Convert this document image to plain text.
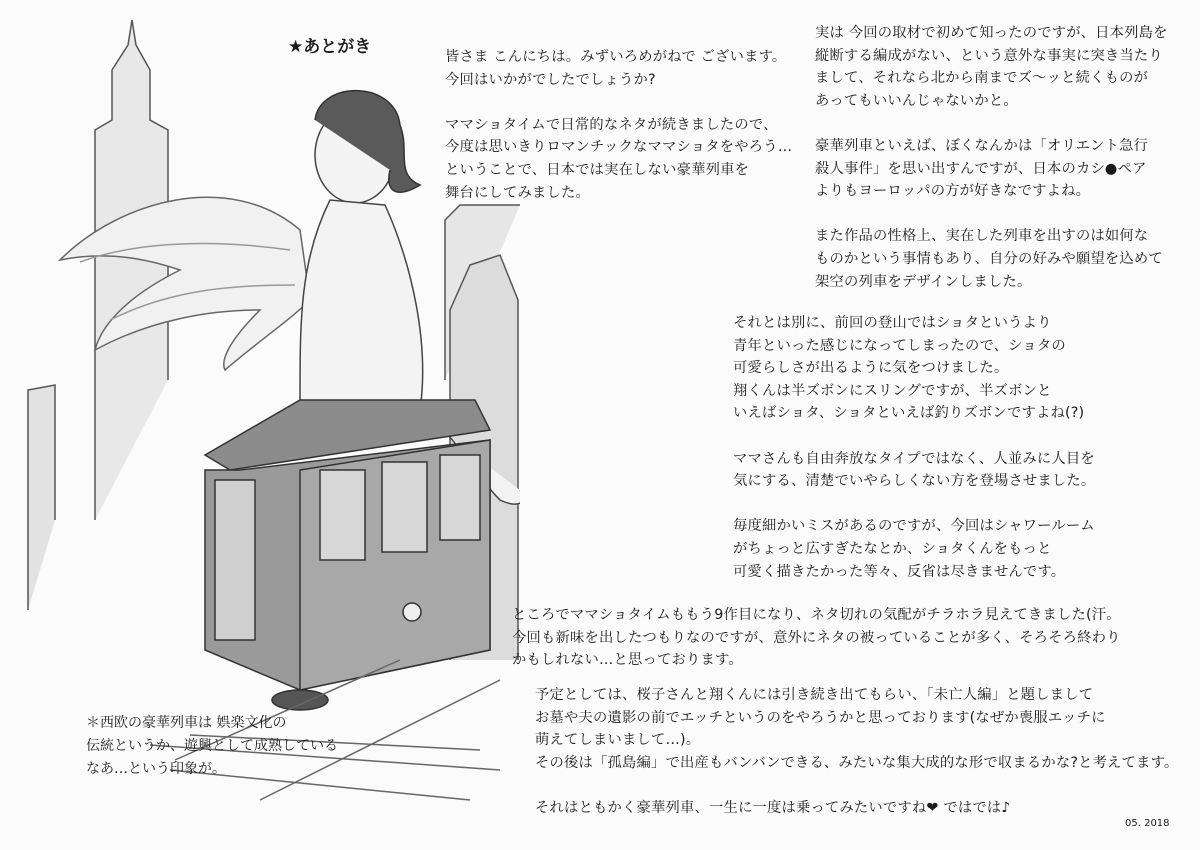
★あとがき	皆さま こんにちは。みずいろめがねで ございます。
今回はいかがでしたでしょうか?

ママショタイムで日常的なネタが続きましたので、
今度は思いきりロマンチックなママショタをやろう…
ということで、日本では実在しない豪華列車を
舞台にしてみました。
実は 今回の取材で初めて知ったのですが、日本列島を
縦断する編成がない、という意外な事実に突き当たり
まして、それなら北から南までズ〜ッと続くものが
あってもいいんじゃないかと。

豪華列車といえば、ぼくなんかは「オリエント急行
殺人事件」を思い出すんですが、日本のカシ●ペア
よりもヨーロッパの方が好きなですよね。

また作品の性格上、実在した列車を出すのは如何な
ものかという事情もあり、自分の好みや願望を込めて
架空の列車をデザインしました。
それとは別に、前回の登山ではショタというより
青年といった感じになってしまったので、ショタの
可愛らしさが出るように気をつけました。
翔くんは半ズボンにスリングですが、半ズボンと
いえばショタ、ショタといえば釣りズボンですよね(?)

ママさんも自由奔放なタイプではなく、人並みに人目を
気にする、清楚でいやらしくない方を登場させました。

毎度細かいミスがあるのですが、今回はシャワールーム
がちょっと広すぎたなとか、ショタくんをもっと
可愛く描きたかった等々、反省は尽きませんです。
ところでママショタイムももう9作目になり、ネタ切れの気配がチラホラ見えてきました(汗。
今回も新味を出したつもりなのですが、意外にネタの被っていることが多く、そろそろ終わり
かもしれない…と思っております。
予定としては、桜子さんと翔くんには引き続き出てもらい、「未亡人編」と題しまして
お墓や夫の遺影の前でエッチというのをやろうかと思っております(なぜか喪服エッチに
萌えてしまいまして…)。
その後は「孤島編」で出産もバンバンできる、みたいな集大成的な形で収まるかな?と考えてます。

それはともかく豪華列車、一生に一度は乗ってみたいですね❤ ではでは♪
＊西欧の豪華列車は 娯楽文化の
伝統というか、遊興として成熟している
なあ…という印象が。
05. 2018
